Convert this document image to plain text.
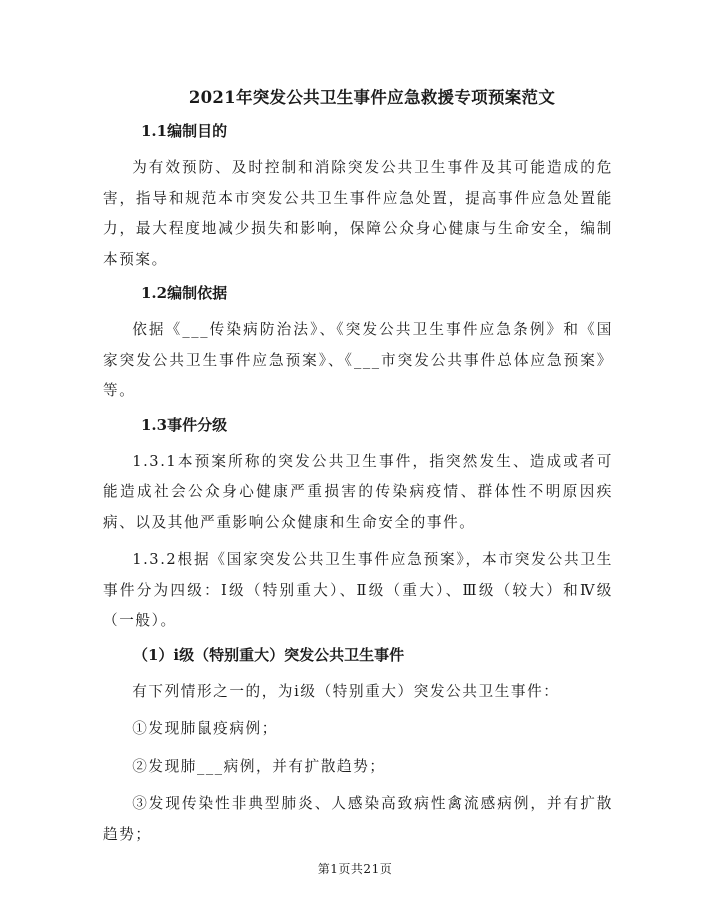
2021年突发公共卫生事件应急救援专项预案范文
1.1编制目的
为有效预防、及时控制和消除突发公共卫生事件及其可能造成的危害，指导和规范本市突发公共卫生事件应急处置，提高事件应急处置能力，最大程度地减少损失和影响，保障公众身心健康与生命安全，编制本预案。
1.2编制依据
依据《___传染病防治法》、《突发公共卫生事件应急条例》和《国家突发公共卫生事件应急预案》、《___市突发公共事件总体应急预案》等。
1.3事件分级
1.3.1本预案所称的突发公共卫生事件，指突然发生、造成或者可能造成社会公众身心健康严重损害的传染病疫情、群体性不明原因疾病、以及其他严重影响公众健康和生命安全的事件。
1.3.2根据《国家突发公共卫生事件应急预案》，本市突发公共卫生事件分为四级：Ⅰ级（特别重大）、Ⅱ级（重大）、Ⅲ级（较大）和Ⅳ级（一般）。
（1）i级（特别重大）突发公共卫生事件
有下列情形之一的，为i级（特别重大）突发公共卫生事件：
①发现肺鼠疫病例；
②发现肺___病例，并有扩散趋势；
③发现传染性非典型肺炎、人感染高致病性禽流感病例，并有扩散趋势；
第1页共21页
